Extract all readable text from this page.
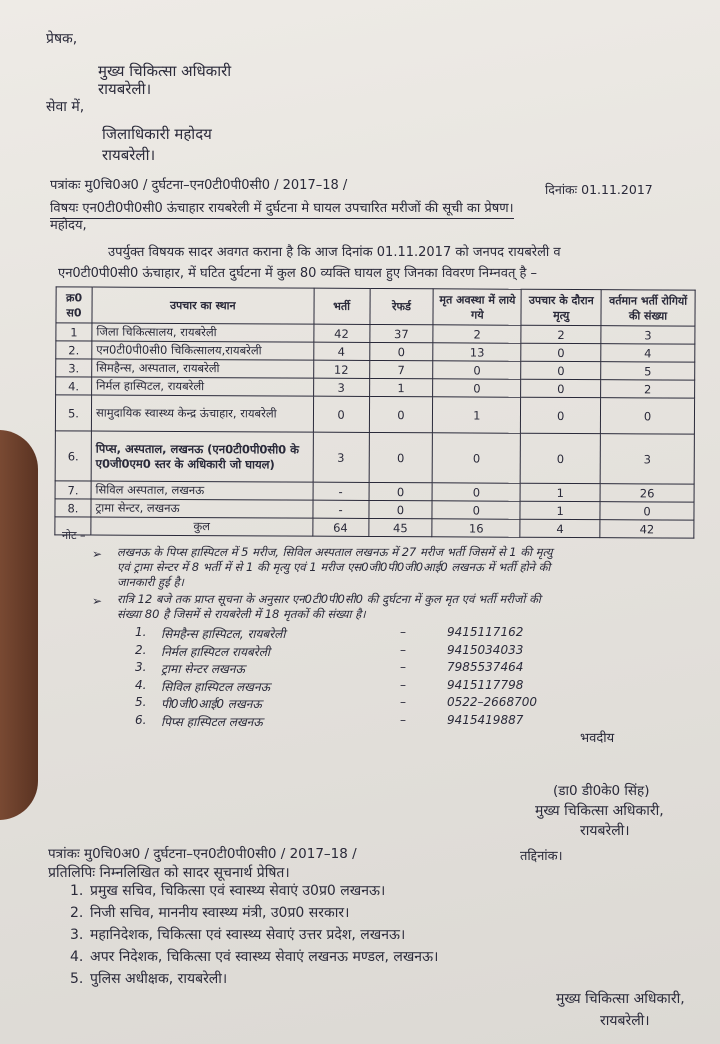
प्रेषक,
मुख्य चिकित्सा अधिकारी
रायबरेली।
सेवा में,
जिलाधिकारी महोदय
रायबरेली।
पत्रांकः मु0चि0अ0 / दुर्घटना–एन0टी0पी0सी0 / 2017–18 /	दिनांकः 01.11.2017
विषयः एन0टी0पी0सी0 ऊंचाहार रायबरेली में दुर्घटना मे घायल उपचारित मरीजों की सूची का प्रेषण।
महोदय,
उपर्युक्त विषयक सादर अवगत कराना है कि आज दिनांक 01.11.2017 को जनपद रायबरेली व
एन0टी0पी0सी0 ऊंचाहार, में घटित दुर्घटना में कुल 80 व्यक्ति घायल हुए जिनका विवरण निम्नवत् है –
क्र0 स0	उपचार का स्थान	भर्ती	रेफर्ड	मृत अवस्था में लाये गये	उपचार के दौरान मृत्यु	वर्तमान भर्ती रोगियों की संख्या
1	जिला चिकित्सालय, रायबरेली	42	37	2	2	3
2.	एन0टी0पी0सी0 चिकित्सालय,रायबरेली	4	0	13	0	4
3.	सिमहैन्स, अस्पताल, रायबरेली	12	7	0	0	5
4.	निर्मल हास्पिटल, रायबरेली	3	1	0	0	2
5.	सामुदायिक स्वास्थ्य केन्द्र ऊंचाहार, रायबरेली	0	0	1	0	0
6.	पिप्स, अस्पताल, लखनऊ (एन0टी0पी0सी0 के ए0जी0एम0 स्तर के अधिकारी जो घायल)	3	0	0	0	3
7.	सिविल अस्पताल, लखनऊ	-	0	0	1	26
8.	ट्रामा सेन्टर, लखनऊ	-	0	0	1	0
	कुल	64	45	16	4	42
नोट –
➢ लखनऊ के पिप्स हास्पिटल में 5 मरीज, सिविल अस्पताल लखनऊ में 27 मरीज भर्ती जिसमें से 1 की मृत्यु
एवं ट्रामा सेन्टर में 8 भर्ती में से 1 की मृत्यु एवं 1 मरीज एस0जी0पी0जी0आई0 लखनऊ में भर्ती होने की
जानकारी हुई है।
➢ रात्रि 12 बजे तक प्राप्त सूचना के अनुसार एन0टी0पी0सी0 की दुर्घटना में कुल मृत एवं भर्ती मरीजों की
संख्या 80 है जिसमें से रायबरेली में 18 मृतकों की संख्या है।
1. सिमहैन्स हास्पिटल, रायबरेली	–	9415117162
2. निर्मल हास्पिटल रायबरेली	–	9415034033
3. ट्रामा सेन्टर लखनऊ	–	7985537464
4. सिविल हास्पिटल लखनऊ	–	9415117798
5. पी0जी0आई0 लखनऊ	–	0522–2668700
6. पिप्स हास्पिटल लखनऊ	–	9415419887
भवदीय
(डा0 डी0के0 सिंह)
मुख्य चिकित्सा अधिकारी,
रायबरेली।
पत्रांकः मु0चि0अ0 / दुर्घटना–एन0टी0पी0सी0 / 2017–18 /	तद्दिनांक।
प्रतिलिपिः निम्नलिखित को सादर सूचनार्थ प्रेषित।
1. प्रमुख सचिव, चिकित्सा एवं स्वास्थ्य सेवाएं उ0प्र0 लखनऊ।
2. निजी सचिव, माननीय स्वास्थ्य मंत्री, उ0प्र0 सरकार।
3. महानिदेशक, चिकित्सा एवं स्वास्थ्य सेवाएं उत्तर प्रदेश, लखनऊ।
4. अपर निदेशक, चिकित्सा एवं स्वास्थ्य सेवाएं लखनऊ मण्डल, लखनऊ।
5. पुलिस अधीक्षक, रायबरेली।
मुख्य चिकित्सा अधिकारी,
रायबरेली।
